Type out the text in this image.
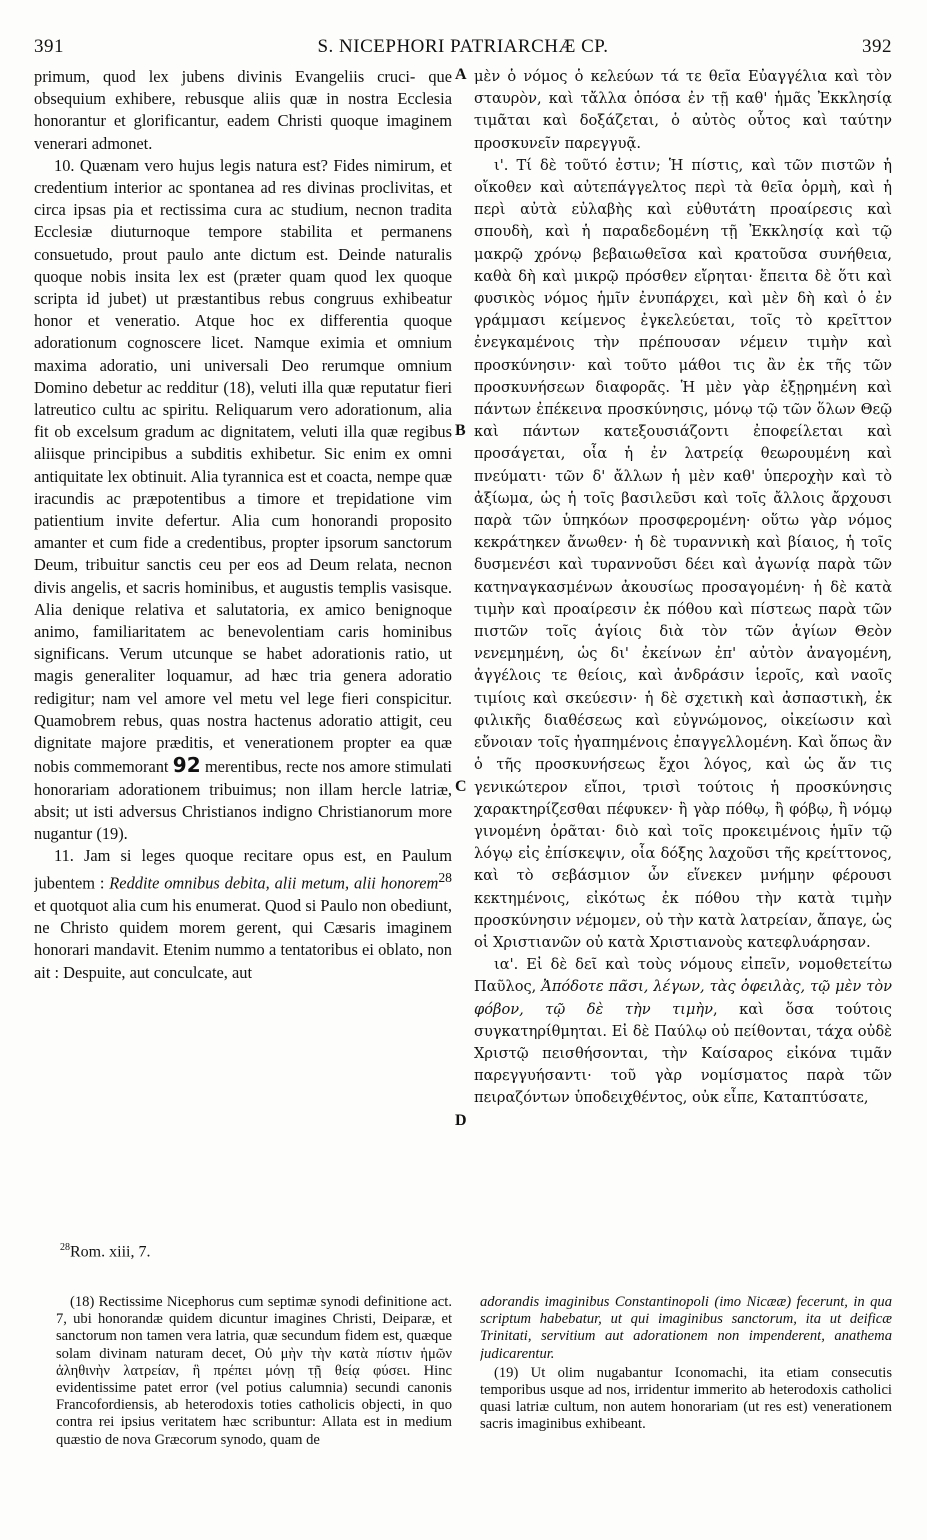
391	S. NICEPHORI PATRIARCHÆ CP.	392

primum, quod lex jubens divinis Evangeliis cruci- que obsequium exhibere, rebusque aliis quæ in nostra Ecclesia honorantur et glorificantur, eadem Christi quoque imaginem venerari admonet.

10. Quænam vero hujus legis natura est? Fides nimirum, et credentium interior ac spontanea ad res divinas proclivitas, et circa ipsas pia et rectissima cura ac studium, necnon tradita Ecclesiæ diuturnoque tempore stabilita et permanens consuetudo, prout paulo ante dictum est. Deinde naturalis quoque nobis insita lex est (præter quam quod lex quoque scripta id jubet) ut præstantibus rebus congruus exhibeatur honor et veneratio. Atque hoc ex differentia quoque adorationum cognoscere licet. Namque eximia et omnium maxima adoratio, uni universali Deo rerumque omnium Domino debetur ac redditur (18), veluti illa quæ reputatur fieri latreutico cultu ac spiritu. Reliquarum vero adorationum, alia fit ob excelsum gradum ac dignitatem, veluti illa quæ regibus aliisque principibus a subditis exhibetur. Sic enim ex omni antiquitate lex obtinuit. Alia tyrannica est et coacta, nempe quæ iracundis ac præpotentibus a timore et trepidatione vim patientium invite defertur. Alia cum honorandi proposito amanter et cum fide a credentibus, propter ipsorum sanctorum Deum, tribuitur sanctis ceu per eos ad Deum relata, necnon divis angelis, et sacris hominibus, et augustis templis vasisque. Alia denique relativa et salutatoria, ex amico benignoque animo, familiaritatem ac benevolentiam caris hominibus significans. Verum utcunque se habet adorationis ratio, ut magis generaliter loquamur, ad hæc tria genera adoratio redigitur; nam vel amore vel metu vel lege fieri conspicitur. Quamobrem rebus, quas nostra hactenus adoratio attigit, ceu dignitate majore præditis, et venerationem propter ea quæ nobis commemorant 92 merentibus, recte nos amore stimulati honorariam adorationem tribuimus; non illam hercle latriæ, absit; ut isti adversus Christianos indigno Christianorum more nugantur (19).

11. Jam si leges quoque recitare opus est, en Paulum jubentem : Reddite omnibus debita, alii metum, alii honorem$^{28}$ et quotquot alia cum his enumerat. Quod si Paulo non obediunt, ne Christo quidem morem gerent, qui Cæsaris imaginem honorari mandavit. Etenim nummo a tentatoribus ei oblato, non ait : Despuite, aut conculcate, aut

A
B
C
D

μὲν ὁ νόμος ὁ κελεύων τά τε θεῖα Εὐαγγέλια καὶ τὸν σταυρὸν, καὶ τἄλλα ὁπόσα ἐν τῇ καθ' ἡμᾶς Ἐκκλησίᾳ τιμᾶται καὶ δοξάζεται, ὁ αὐτὸς οὗτος καὶ ταύτην προσκυνεῖν παρεγγυᾷ.

ι'. Τί δὲ τοῦτό ἐστιν; Ἡ πίστις, καὶ τῶν πιστῶν ἡ οἴκοθεν καὶ αὐτεπάγγελτος περὶ τὰ θεῖα ὁρμὴ, καὶ ἡ περὶ αὐτὰ εὐλαβὴς καὶ εὐθυτάτη προαίρεσις καὶ σπουδὴ, καὶ ἡ παραδεδομένη τῇ Ἐκκλησίᾳ καὶ τῷ μακρῷ χρόνῳ βεβαιωθεῖσα καὶ κρατοῦσα συνήθεια, καθὰ δὴ καὶ μικρῷ πρόσθεν εἴρηται· ἔπειτα δὲ ὅτι καὶ φυσικὸς νόμος ἡμῖν ἐνυπάρχει, καὶ μὲν δὴ καὶ ὁ ἐν γράμμασι κείμενος ἐγκελεύεται, τοῖς τὸ κρεῖττον ἐνεγκαμένοις τὴν πρέπουσαν νέμειν τιμὴν καὶ προσκύνησιν· καὶ τοῦτο μάθοι τις ἂν ἐκ τῆς τῶν προσκυνήσεων διαφορᾶς. Ἡ μὲν γὰρ ἐξῃρημένη καὶ πάντων ἐπέκεινα προσκύνησις, μόνῳ τῷ τῶν ὅλων Θεῷ καὶ πάντων κατεξουσιάζοντι ἐποφείλεται καὶ προσάγεται, οἷα ἡ ἐν λατρείᾳ θεωρουμένη καὶ πνεύματι· τῶν δ' ἄλλων ἡ μὲν καθ' ὑπεροχὴν καὶ τὸ ἀξίωμα, ὡς ἡ τοῖς βασιλεῦσι καὶ τοῖς ἄλλοις ἄρχουσι παρὰ τῶν ὑπηκόων προσφερομένη· οὕτω γὰρ νόμος κεκράτηκεν ἄνωθεν· ἡ δὲ τυραννικὴ καὶ βίαιος, ἡ τοῖς δυσμενέσι καὶ τυραννοῦσι δέει καὶ ἀγωνίᾳ παρὰ τῶν κατηναγκασμένων ἀκουσίως προσαγομένη· ἡ δὲ κατὰ τιμὴν καὶ προαίρεσιν ἐκ πόθου καὶ πίστεως παρὰ τῶν πιστῶν τοῖς ἁγίοις διὰ τὸν τῶν ἁγίων Θεὸν νενεμημένη, ὡς δι' ἐκείνων ἐπ' αὐτὸν ἀναγομένη, ἀγγέλοις τε θείοις, καὶ ἀνδράσιν ἱεροῖς, καὶ ναοῖς τιμίοις καὶ σκεύεσιν· ἡ δὲ σχετικὴ καὶ ἀσπαστικὴ, ἐκ φιλικῆς διαθέσεως καὶ εὐγνώμονος, οἰκείωσιν καὶ εὔνοιαν τοῖς ἠγαπημένοις ἐπαγγελλομένη. Καὶ ὅπως ἂν ὁ τῆς προσκυνήσεως ἔχοι λόγος, καὶ ὡς ἄν τις γενικώτερον εἴποι, τρισὶ τούτοις ἡ προσκύνησις χαρακτηρίζεσθαι πέφυκεν· ἢ γὰρ πόθῳ, ἢ φόβῳ, ἢ νόμῳ γινομένη ὁρᾶται· διὸ καὶ τοῖς προκειμένοις ἡμῖν τῷ λόγῳ εἰς ἐπίσκεψιν, οἷα δόξης λαχοῦσι τῆς κρείττονος, καὶ τὸ σεβάσμιον ὧν εἵνεκεν μνήμην φέρουσι κεκτημένοις, εἰκότως ἐκ πόθου τὴν κατὰ τιμὴν προσκύνησιν νέμομεν, οὐ τὴν κατὰ λατρείαν, ἄπαγε, ὡς οἱ Χριστιανῶν οὐ κατὰ Χριστιανοὺς κατεφλυάρησαν.

ια'. Εἰ δὲ δεῖ καὶ τοὺς νόμους εἰπεῖν, νομοθετείτω Παῦλος, Ἀπόδοτε πᾶσι, λέγων, τὰς ὀφειλὰς, τῷ μὲν τὸν φόβον, τῷ δὲ τὴν τιμὴν, καὶ ὅσα τούτοις συγκατηρίθμηται. Εἰ δὲ Παύλῳ οὐ πείθονται, τάχα οὐδὲ Χριστῷ πεισθήσονται, τὴν Καίσαρος εἰκόνα τιμᾶν παρεγγυήσαντι· τοῦ γὰρ νομίσματος παρὰ τῶν πειραζόντων ὑποδειχθέντος, οὐκ εἶπε, Καταπτύσατε,

$^{28}$Rom. xiii, 7.

(18) Rectissime Nicephorus cum septimæ synodi definitione act. 7, ubi honorandæ quidem dicuntur imagines Christi, Deiparæ, et sanctorum non tamen vera latria, quæ secundum fidem est, quæque solam divinam naturam decet, Οὐ μὴν τὴν κατὰ πίστιν ἡμῶν ἀληθινὴν λατρείαν, ἣ πρέπει μόνῃ τῇ θείᾳ φύσει. Hinc evidentissime patet error (vel potius calumnia) secundi canonis Francofordiensis, ab heterodoxis toties catholicis objecti, in quo contra rei ipsius veritatem hæc scribuntur: Allata est in medium quæstio de nova Græcorum synodo, quam de

adorandis imaginibus Constantinopoli (imo Nicææ) fecerunt, in qua scriptum habebatur, ut qui imaginibus sanctorum, ita ut deificæ Trinitati, servitium aut adorationem non impenderent, anathema judicarentur.

(19) Ut olim nugabantur Iconomachi, ita etiam consecutis temporibus usque ad nos, irridentur immerito ab heterodoxis catholici quasi latriæ cultum, non autem honorariam (ut res est) venerationem sacris imaginibus exhibeant.
